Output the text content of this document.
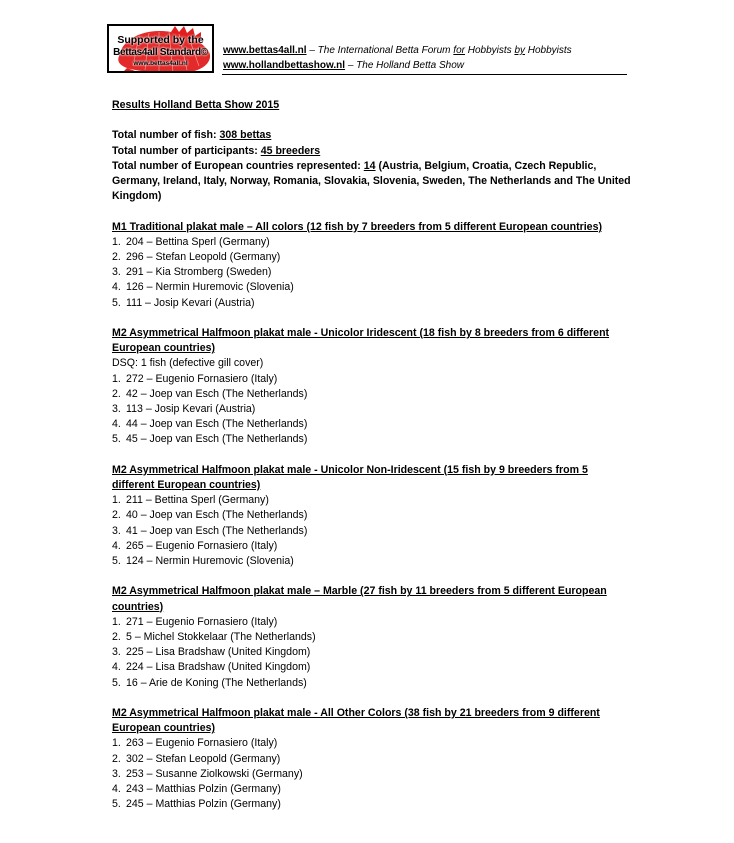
Supported by the
Bettas4all Standard©
www.bettas4all.nl
www.bettas4all.nl – The International Betta Forum for Hobbyists by Hobbyists
www.hollandbettashow.nl – The Holland Betta Show

Results Holland Betta Show 2015

Total number of fish: 308 bettas

Total number of participants: 45 breeders

Total number of European countries represented: 14 (Austria, Belgium, Croatia, Czech Republic, Germany, Ireland, Italy, Norway, Romania, Slovakia, Slovenia, Sweden, The Netherlands and The United Kingdom)

M1 Traditional plakat male – All colors (12 fish by 7 breeders from 5 different European countries)

1. 204 – Bettina Sperl (Germany)
2. 296 – Stefan Leopold (Germany)
3. 291 – Kia Stromberg (Sweden)
4. 126 – Nermin Huremovic (Slovenia)
5. 111 – Josip Kevari (Austria)

M2 Asymmetrical Halfmoon plakat male - Unicolor Iridescent (18 fish by 8 breeders from 6 different European countries)

DSQ: 1 fish (defective gill cover)

1. 272 – Eugenio Fornasiero (Italy)
2. 42 – Joep van Esch (The Netherlands)
3. 113 – Josip Kevari (Austria)
4. 44 – Joep van Esch (The Netherlands)
5. 45 – Joep van Esch (The Netherlands)

M2 Asymmetrical Halfmoon plakat male - Unicolor Non-Iridescent (15 fish by 9 breeders from 5 different European countries)

1. 211 – Bettina Sperl (Germany)
2. 40 – Joep van Esch (The Netherlands)
3. 41 – Joep van Esch (The Netherlands)
4. 265 – Eugenio Fornasiero (Italy)
5. 124 – Nermin Huremovic (Slovenia)

M2 Asymmetrical Halfmoon plakat male – Marble (27 fish by 11 breeders from 5 different European countries)

1. 271 – Eugenio Fornasiero (Italy)
2. 5 – Michel Stokkelaar (The Netherlands)
3. 225 – Lisa Bradshaw (United Kingdom)
4. 224 – Lisa Bradshaw (United Kingdom)
5. 16 – Arie de Koning (The Netherlands)

M2 Asymmetrical Halfmoon plakat male - All Other Colors (38 fish by 21 breeders from 9 different European countries)

1. 263 – Eugenio Fornasiero (Italy)
2. 302 – Stefan Leopold (Germany)
3. 253 – Susanne Ziolkowski (Germany)
4. 243 – Matthias Polzin (Germany)
5. 245 – Matthias Polzin (Germany)
